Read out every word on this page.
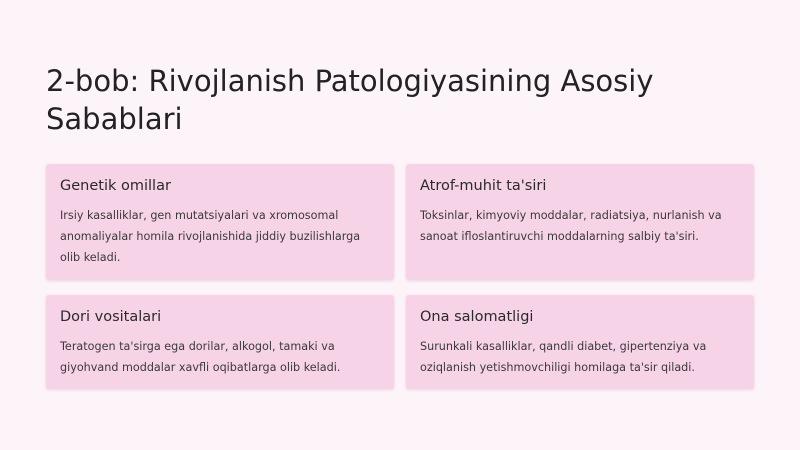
2-bob: Rivojlanish Patologiyasining Asosiy Sabablari
Genetik omillar

Irsiy kasalliklar, gen mutatsiyalari va xromosomal anomaliyalar homila rivojlanishida jiddiy buzilishlarga olib keladi.

Atrof-muhit ta'siri

Toksinlar, kimyoviy moddalar, radiatsiya, nurlanish va sanoat ifloslantiruvchi moddalarning salbiy ta'siri.

Dori vositalari

Teratogen ta'sirga ega dorilar, alkogol, tamaki va giyohvand moddalar xavfli oqibatlarga olib keladi.

Ona salomatligi

Surunkali kasalliklar, qandli diabet, gipertenziya va oziqlanish yetishmovchiligi homilaga ta'sir qiladi.
